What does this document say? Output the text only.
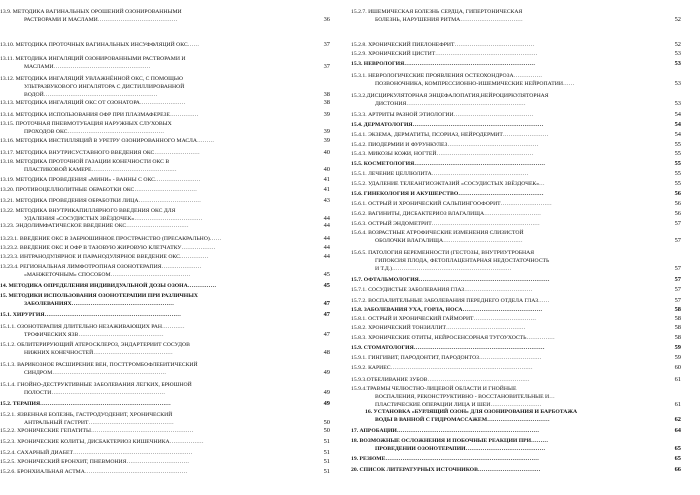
13.9. МЕТОДИКА ВАГИНАЛЬНЫХ ОРОШЕНИЙ ОЗОНИРОВАННЫМИ
РАСТВОРАМИ И МАСЛАМИ……………………………………	36
13.10. МЕТОДИКА ПРОТОЧНЫХ ВАГИНАЛЬНЫХ ИНСУФФЛЯЦИЙ ОКС……	37
13.11. МЕТОДИКА ИНГАЛЯЦИЙ ОЗОНИРОВАННЫМИ РАСТВОРАМИ И
МАСЛАМИ……………………………………………	37
13.12. МЕТОДИКА ИНГАЛЯЦИЙ УВЛАЖНЁННОЙ ОКС, С ПОМОЩЬЮ
УЛЬТРАЗВУКОВОГО ИНГАЛЯТОРА С ДИСТИЛЛИРОВАННОЙ
ВОДОЙ……………………………………………………	38
13.13. МЕТОДИКА ИНГАЛЯЦИЙ ОКС ОТ ОЗОНАТОРА……………………	38
13.14. МЕТОДИКА ИСПОЛЬЗОВАНИЯ ОФР ПРИ ПЛАЗМАФЕРЕЗЕ……………	39
13.15. ПРОТОЧНАЯ ПНЕВМОТУБАЦИЯ НАРУЖНЫХ СЛУХОВЫХ
ПРОХОДОВ ОКС……………………………………………	39
13.16. МЕТОДИКА ИНСТИЛЛЯЦИЙ В УРЕТРУ ОЗОНИРОВАННОГО МАСЛА………	39
13.17. МЕТОДИКА ВНУТРИСУСТАВНОГО ВВЕДЕНИЯ ОКС……………………	40
13.18. МЕТОДИКА ПРОТОЧНОЙ ГАЗАЦИИ КОНЕЧНОСТИ ОКС В
ПЛАСТИКОВОЙ КАМЕРЕ………………………………………	40
13.19. МЕТОДИКА ПРОВЕДЕНИЯ «МИНИ» - ВАННЫ С ОКС……………………	41
13.20. ПРОТИВОЦЕЛЛЮЛИТНЫЕ ОБРАБОТКИ ОКС……………………………	41
13.21. МЕТОДИКА ПРОВЕДЕНИЯ ОБРАБОТКИ ЛИЦА……………………………	43
13.22. МЕТОДИКА ВНУТРИКАПИЛЛЯРНОГО ВВЕДЕНИЯ ОКС ДЛЯ
УДАЛЕНИЯ «СОСУДИСТЫХ ЗВЁЗДОЧЕК»………………………………	44
13.23. ЭНДОЛИМФАТИЧЕСКОЕ ВВЕДЕНИЕ ОКС……………………………	44
13.23.1. ВВЕДЕНИЕ ОКС В ЗАБРЮШИННОЕ ПРОСТРАНСТВО (ПРЕСАКРАЛЬНО)……	44
13.23.2. ВВЕДЕНИЕ ОКС И ОФР В ТАЗОВУЮ ЖИРОВУЮ КЛЕТЧАТКУ………………	44
13.23.3. ИНТРАНОДУЛЯРНОЕ И ПАРАНОДУЛЯРНОЕ ВВЕДЕНИЕ ОКС……………	44
13.23.4. РЕГИОНАЛЬНАЯ ЛИМФОТРОПНАЯ ОЗОНОТЕРАПИЯ…………………
«МАНЖЕТОЧНЫМ» СПОСОБОМ……………………………………	45
14. МЕТОДИКА ОПРЕДЕЛЕНИЯ ИНДИВИДУАЛЬНОЙ ДОЗЫ ОЗОНА……………	45
15. МЕТОДИКИ ИСПОЛЬЗОВАНИЯ ОЗОНОТЕРАПИИ ПРИ РАЗЛИЧНЫХ
ЗАБОЛЕВАНИЯХ………………………………………………	47
15.1. ХИРУРГИЯ………………………………………………………………	47
15.1.1. ОЗОНОТЕРАПИЯ ДЛИТЕЛЬНО НЕЗАЖИВАЮЩИХ РАН…………
ТРОФИЧЕСКИХ ЯЗВ………………………………………	47
15.1.2. ОБЛИТЕРИРУЮЩИЙ АТЕРОСКЛЕРОЗ, ЭНДАРТЕРИИТ СОСУДОВ
НИЖНИХ КОНЕЧНОСТЕЙ……………………………………	48
15.1.3. ВАРИКОЗНОЕ РАСШИРЕНИЕ ВЕН, ПОСТТРОМБОФЛЕБИТИЧЕСКИЙ
СИНДРОМ……………………………………………………	49
15.1.4. ГНОЙНО-ДЕСТРУКТИВНЫЕ ЗАБОЛЕВАНИЯ ЛЕГКИХ, БРЮШНОЙ
ПОЛОСТИ……………………………………………………	49
15.2. ТЕРАПИЯ……………………………………………………………	49
15.2.1. ЯЗВЕННАЯ БОЛЕЗНЬ, ГАСТРОДУОДЕНИТ, ХРОНИЧЕСКИЙ
АНТРАЛЬНЫЙ ГАСТРИТ………………………………………	50
15.2.2. ХРОНИЧЕСКИЕ ГЕПАТИТЫ………………………………………………	50
15.2.3. ХРОНИЧЕСКИЕ КОЛИТЫ, ДИСБАКТЕРИОЗ КИШЕЧНИКА………………	51
15.2.4. САХАРНЫЙ ДИАБЕТ………………………………………………………	51
15.2.5. ХРОНИЧЕСКИЙ БРОНХИТ, ПНЕВМОНИЯ……………………………	51
15.2.6. БРОНХИАЛЬНАЯ АСТМА………………………………………………	51
15.2.7. ИШЕМИЧЕСКАЯ БОЛЕЗНЬ СЕРДЦА, ГИПЕРТОНИЧЕСКАЯ
БОЛЕЗНЬ, НАРУШЕНИЯ РИТМА……………………………	52
15.2.8. ХРОНИЧЕСКИЙ ПИЕЛОНЕФРИТ……………………………………	52
15.2.9. ХРОНИЧЕСКИЙ ЦИСТИТ………………………………………………	53
15.3. НЕВРОЛОГИЯ……………………………………………………………	53
15.3.1. НЕВРОЛОГИЧЕСКИЕ ПРОЯВЛЕНИЯ ОСТЕОХОНДРОЗА……………
ПОЗВОНОЧНИКА, КОМПРЕССИОННО-ИШЕМИЧЕСКИЕ НЕЙРОПАТИИ……	53
15.3.2.ДИСЦИРКУЛЯТОРНАЯ ЭНЦЕФАЛОПАТИЯ,НЕЙРОЦИРКУЛЯТОРНАЯ
ДИСТОНИЯ………………………………………………………	53
15.3.3. АРТРИТЫ РАЗНОЙ ЭТИОЛОГИИ……………………………………	54
15.4. ДЕРМАТОЛОГИЯ……………………………………………………………	54
15.4.1. ЭКЗЕМА, ДЕРМАТИТЫ, ПСОРИАЗ, НЕЙРОДЕРМИТ……………………	54
15.4.2. ПИОДЕРМИИ И ФУРУНКУЛЕЗ…………………………………………	55
15.4.3. МИКОЗЫ КОЖИ, НОГТЕЙ……………………………………………	55
15.5. КОСМЕТОЛОГИЯ……………………………………………………………	55
15.5.1. ЛЕЧЕНИЕ ЦЕЛЛЮЛИТА……………………………………………	55
15.5.2. УДАЛЕНИЕ ТЕЛЕАНГИОЭКТАЗИЙ «СОСУДИСТЫХ ЗВЁЗДОЧЕК»…	55
15.6. ГИНЕКОЛОГИЯ И АКУШЕРСТВО………………………………………	56
15.6.1. ОСТРЫЙ И ХРОНИЧЕСКИЙ САЛЬПИНГООФОРИТ………………………	56
15.6.2. ВАГИНИТЫ, ДИСБАКТЕРИОЗ ВЛАГАЛИЩА…………………………	56
15.6.3. ОСТРЫЙ ЭНДОМЕТРИТ…………………………………………………	57
15.6.4. ВОЗРАСТНЫЕ АТРОФИЧЕСКИЕ ИЗМЕНЕНИЯ СЛИЗИСТОЙ
ОБОЛОЧКИ ВЛАГАЛИЩА……………………………………	57
15.6.5. ПАТОЛОГИЯ БЕРЕМЕННОСТИ (ГЕСТОЗЫ, ВНУТРИУТРОБНАЯ
ГИПОКСИЯ ПЛОДА, ФЕТОПЛАЦЕНТАРНАЯ НЕДОСТАТОЧНОСТЬ
И Т.Д.)………………………………………………………	57
15.7. ОФТАЛЬМОЛОГИЯ……………………………………………………………	57
15.7.1. СОСУДИСТЫЕ ЗАБОЛЕВАНИЯ ГЛАЗ………………………………	57
15.7.2. ВОСПАЛИТЕЛЬНЫЕ ЗАБОЛЕВАНИЯ ПЕРЕДНЕГО ОТДЕЛА ГЛАЗ……	57
15.8. ЗАБОЛЕВАНИЯ УХА, ГОРЛА, НОСА……………………………………	58
15.8.1. ОСТРЫЙ И ХРОНИЧЕСКИЙ ГАЙМОРИТ……………………………	58
15.8.2. ХРОНИЧЕСКИЙ ТОНЗИЛЛИТ……………………………………	58
15.8.3. ХРОНИЧЕСКИЕ ОТИТЫ, НЕЙРОСЕНСОРНАЯ ТУГОУХОСТЬ……………	58
15.9. СТОМАТОЛОГИЯ……………………………………………………………	59
15.9.1. ГИНГИВИТ, ПАРОДОНТИТ, ПАРОДОНТОЗ……………………………	59
15.9.2. КАРИЕС…………………………………………………………………	60
15.9.3.ОТБЕЛИВАНИЕ ЗУБОВ………………………………………………	61
15.9.4.ТРАВМЫ ЧЕЛЮСТНО-ЛИЦЕВОЙ ОБЛАСТИ И ГНОЙНЫЕ
ВОСПАЛЕНИЯ, РЕКОНСТРУКТИВНО - ВОССТАНОВИТЕЛЬНЫЕ И…
ПЛАСТИЧЕСКИЕ ОПЕРАЦИИ ЛИЦА И ШЕИ………………………	61
16. УСТАНОВКА «БУРЛЯЩИЙ ОЗОН» ДЛЯ ОЗОНИРОВАНИЯ И БАРБОТАЖА
ВОДЫ В ВАННОЙ С ГИДРОМАССАЖЕМ……………………………	62
17. АПРОБАЦИИ…………………………………………………………………	64
18. ВОЗМОЖНЫЕ ОСЛОЖНЕНИЯ И ПОБОЧНЫЕ РЕАКЦИИ ПРИ………
ПРОВЕДЕНИИ ОЗОНОТЕРАПИИ……………………………………	65
19. РЕЗЮМЕ………………………………………………………………………	65
20. СПИСОК ЛИТЕРАТУРНЫХ ИСТОЧНИКОВ……………………………	66
